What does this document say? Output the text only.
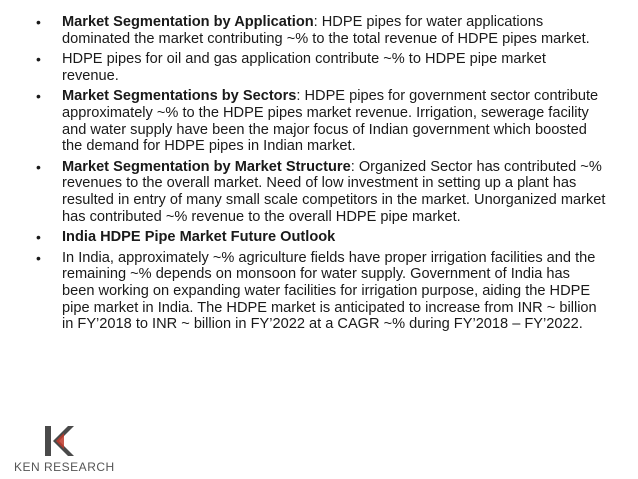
• Market Segmentation by Application: HDPE pipes for water applications dominated the market contributing ~% to the total revenue of HDPE pipes market.
• HDPE pipes for oil and gas application contribute ~% to HDPE pipe market revenue.
• Market Segmentations by Sectors: HDPE pipes for government sector contribute approximately ~% to the HDPE pipes market revenue. Irrigation, sewerage facility and water supply have been the major focus of Indian government which boosted the demand for HDPE pipes in Indian market.
• Market Segmentation by Market Structure: Organized Sector has contributed ~% revenues to the overall market. Need of low investment in setting up a plant has resulted in entry of many small scale competitors in the market. Unorganized market has contributed ~% revenue to the overall HDPE pipe market.
• India HDPE Pipe Market Future Outlook
• In India, approximately ~% agriculture fields have proper irrigation facilities and the remaining ~% depends on monsoon for water supply. Government of India has been working on expanding water facilities for irrigation purpose, aiding the HDPE pipe market in India. The HDPE market is anticipated to increase from INR ~ billion in FY’2018 to INR ~ billion in FY’2022 at a CAGR ~% during FY’2018 – FY’2022.
KEN RESEARCH
